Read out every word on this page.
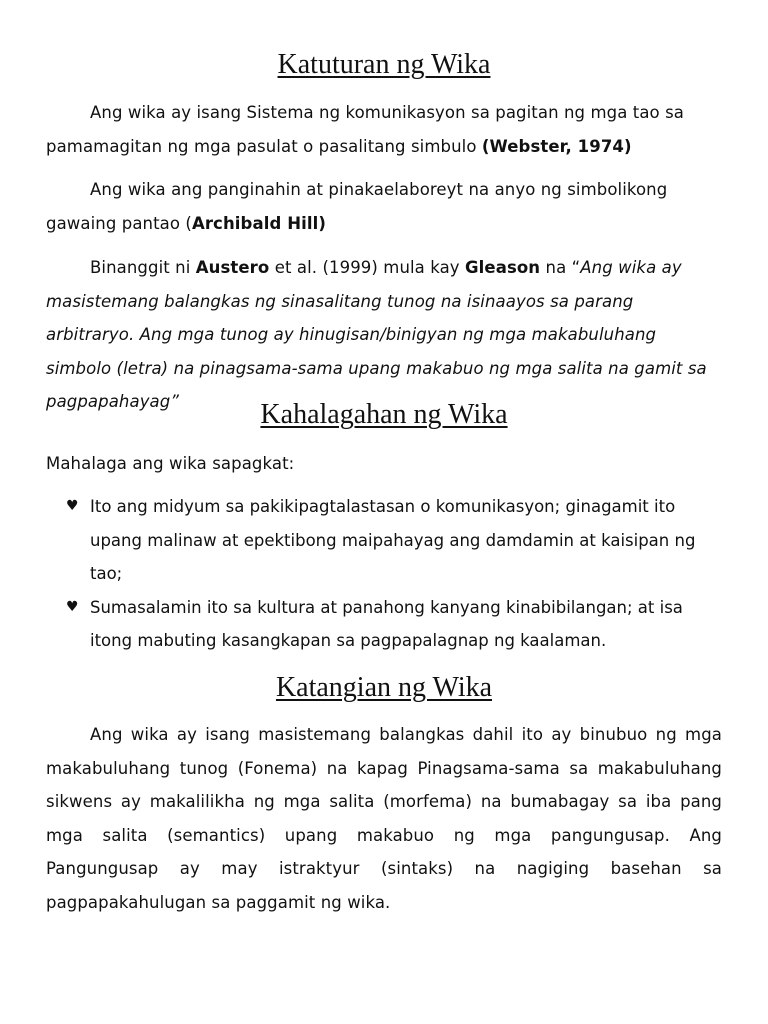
Katuturan ng Wika

Ang wika ay isang Sistema ng komunikasyon sa pagitan ng mga tao sa pamamagitan ng mga pasulat o pasalitang simbulo (Webster, 1974)

Ang wika ang panginahin at pinakaelaboreyt na anyo ng simbolikong gawaing pantao (Archibald Hill)

Binanggit ni Austero et al. (1999) mula kay Gleason na “Ang wika ay masistemang balangkas ng sinasalitang tunog na isinaayos sa parang arbitraryo. Ang mga tunog ay hinugisan/binigyan ng mga makabuluhang simbolo (letra) na pinagsama-sama upang makabuo ng mga salita na gamit sa pagpapahayag”	Kahalagahan ng Wika

Mahalaga ang wika sapagkat:

♥ Ito ang midyum sa pakikipagtalastasan o komunikasyon; ginagamit ito upang malinaw at epektibong maipahayag ang damdamin at kaisipan ng tao;
♥ Sumasalamin ito sa kultura at panahong kanyang kinabibilangan; at isa itong mabuting kasangkapan sa pagpapalagnap ng kaalaman.
Katangian ng Wika

Ang wika ay isang masistemang balangkas dahil ito ay binubuo ng mga makabuluhang tunog (Fonema) na kapag Pinagsama-sama sa makabuluhang sikwens ay makalilikha ng mga salita (morfema) na bumabagay sa iba pang mga salita (semantics) upang makabuo ng mga pangungusap. Ang Pangungusap ay may istraktyur (sintaks) na nagiging basehan sa pagpapakahulugan sa paggamit ng wika.
